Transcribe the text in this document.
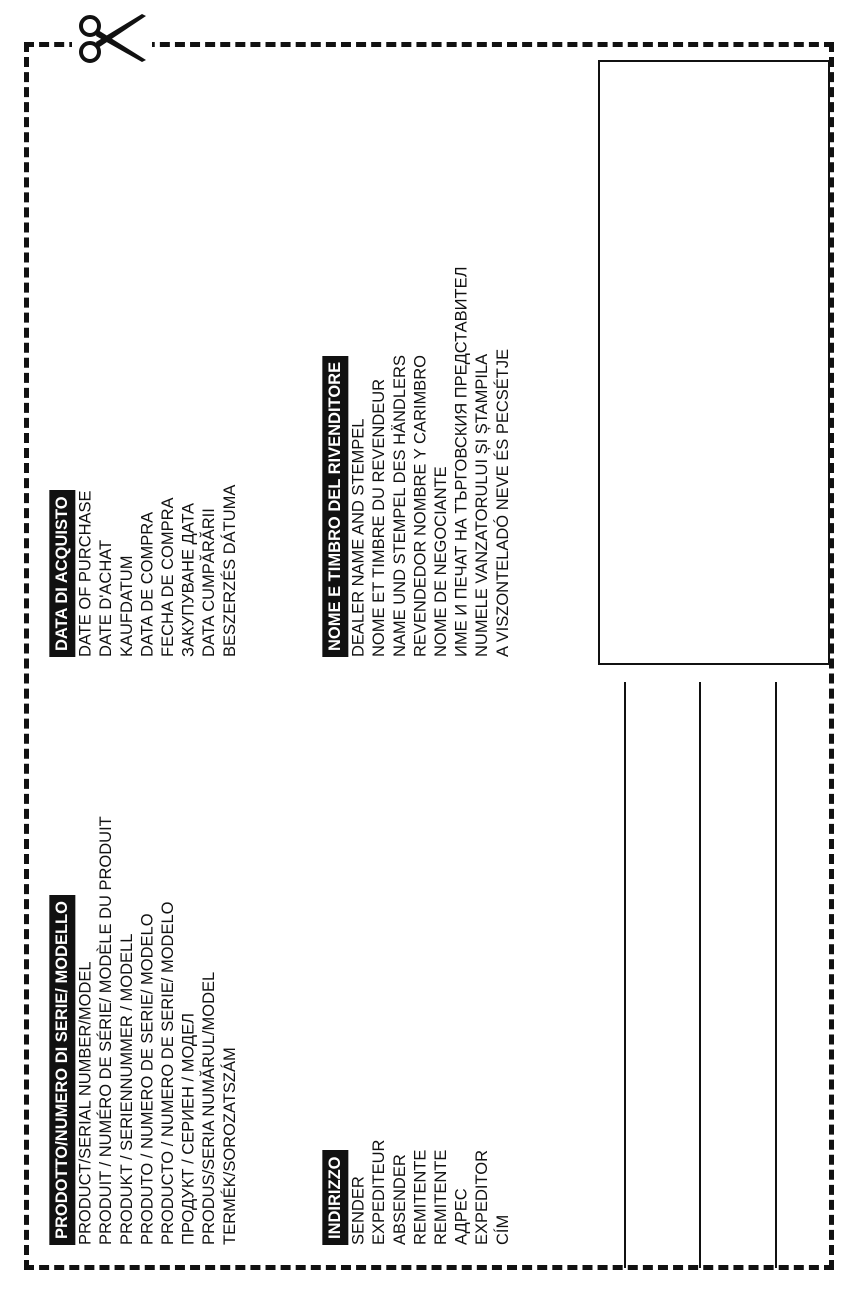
PRODOTTO/NUMERO DI SERIE/ MODELLO PRODUCT/SERIAL NUMBER/MODEL PRODUIT / NUMÉRO DE SÉRIE/ MODÈLE DU PRODUIT PRODUKT / SERIENNUMMER / MODELL PRODUTO / NUMERO DE SERIE/ MODELO PRODUCTO / NUMERO DE SERIE/ MODELO ПРОДУКТ / СЕРИЕН / МОДЕЛ PRODUS/SERIA NUMĂRUL/MODEL TERMÉK/SOROZATSZÁM
DATA DI ACQUISTO DATE OF PURCHASE DATE D'ACHAT KAUFDATUM DATA DE COMPRA FECHA DE COMPRA ЗАКУПУВАНЕ ДАТА DATA CUMPĂRĂRII BESZERZÉS DÁTUMA
INDIRIZZO SENDER EXPEDITEUR ABSENDER REMITENTE REMITENTE АДРЕС EXPEDITOR CÍM
NOME E TIMBRO DEL RIVENDITORE DEALER NAME AND STEMPEL NOME ET TIMBRE DU REVENDEUR NAME UND STEMPEL DES HÄNDLERS REVENDEDOR NOMBRE Y CARIMBRO NOME DE NEGOCIANTE ИМЕ И ПЕЧАТ НА ТЪРГОВСКИЯ ПРЕДСТАВИТЕЛ NUMELE VANZATORULUI ȘI ȘTAMPILA A VISZONTELADÓ NEVE ÉS PECSÉTJE
